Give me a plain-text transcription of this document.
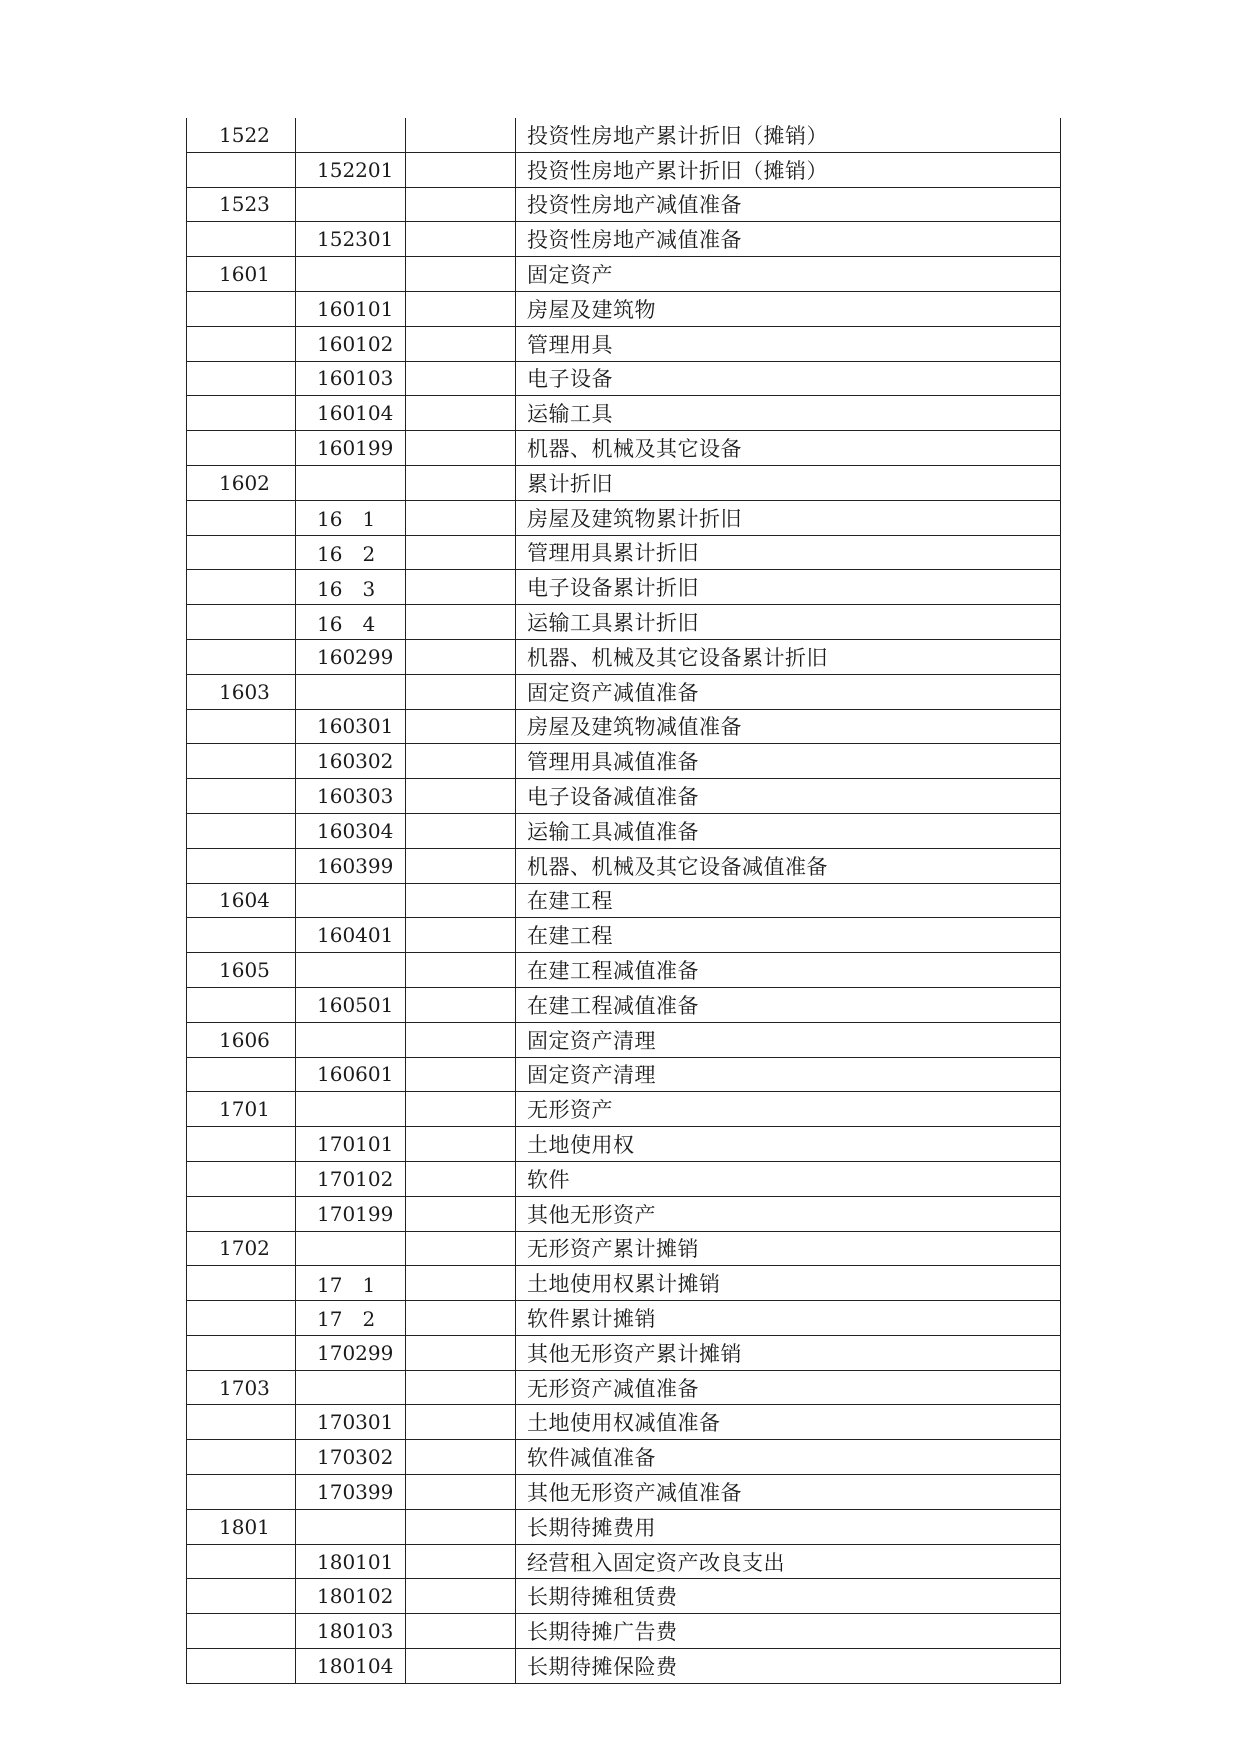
1522			投资性房地产累计折旧（摊销）
	152201		投资性房地产累计折旧（摊销）
1523			投资性房地产减值准备
	152301		投资性房地产减值准备
1601			固定资产
	160101		房屋及建筑物
	160102		管理用具
	160103		电子设备
	160104		运输工具
	160199		机器、机械及其它设备
1602			累计折旧
	16　1		房屋及建筑物累计折旧
	16　2		管理用具累计折旧
	16　3		电子设备累计折旧
	16　4		运输工具累计折旧
	160299		机器、机械及其它设备累计折旧
1603			固定资产减值准备
	160301		房屋及建筑物减值准备
	160302		管理用具减值准备
	160303		电子设备减值准备
	160304		运输工具减值准备
	160399		机器、机械及其它设备减值准备
1604			在建工程
	160401		在建工程
1605			在建工程减值准备
	160501		在建工程减值准备
1606			固定资产清理
	160601		固定资产清理
1701			无形资产
	170101		土地使用权
	170102		软件
	170199		其他无形资产
1702			无形资产累计摊销
	17　1		土地使用权累计摊销
	17　2		软件累计摊销
	170299		其他无形资产累计摊销
1703			无形资产减值准备
	170301		土地使用权减值准备
	170302		软件减值准备
	170399		其他无形资产减值准备
1801			长期待摊费用
	180101		经营租入固定资产改良支出
	180102		长期待摊租赁费
	180103		长期待摊广告费
	180104		长期待摊保险费
